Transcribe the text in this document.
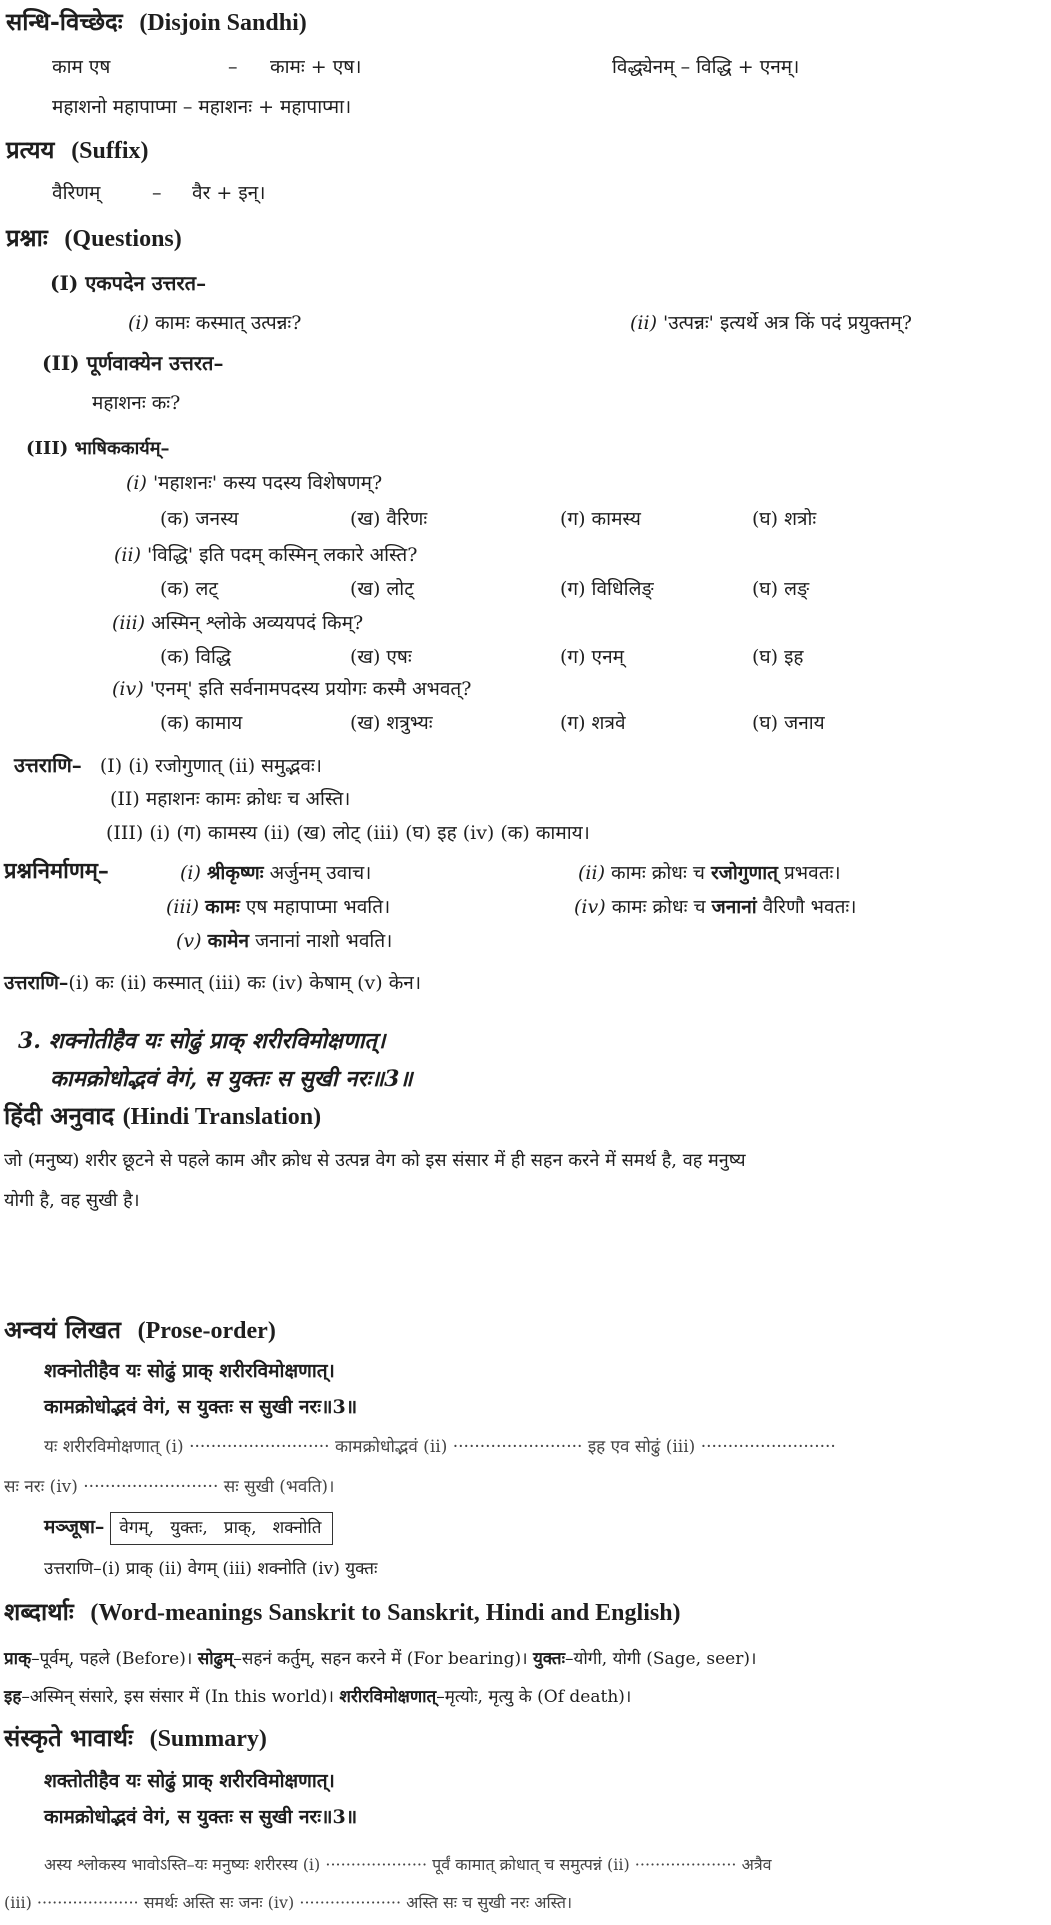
सन्धि-विच्छेदः (Disjoin Sandhi)
काम एष	– कामः + एष।	विद्ध्येनम् – विद्धि + एनम्।
महाशनो महापाप्मा – महाशनः + महापाप्मा।
प्रत्यय (Suffix)
वैरिणम्	– वैर + इन्।
प्रश्नाः (Questions)
(I) एकपदेन उत्तरत–
(i) कामः कस्मात् उत्पन्नः?	(ii) 'उत्पन्नः' इत्यर्थे अत्र किं पदं प्रयुक्तम्?
(II) पूर्णवाक्येन उत्तरत–
महाशनः कः?
(III) भाषिककार्यम्–
(i) 'महाशनः' कस्य पदस्य विशेषणम्?
(क) जनस्य	(ख) वैरिणः	(ग) कामस्य	(घ) शत्रोः
(ii) 'विद्धि' इति पदम् कस्मिन् लकारे अस्ति?
(क) लट्	(ख) लोट्	(ग) विधिलिङ्	(घ) लङ्
(iii) अस्मिन् श्लोके अव्ययपदं किम्?
(क) विद्धि	(ख) एषः	(ग) एनम्	(घ) इह
(iv) 'एनम्' इति सर्वनामपदस्य प्रयोगः कस्मै अभवत्?
(क) कामाय	(ख) शत्रुभ्यः	(ग) शत्रवे	(घ) जनाय
उत्तराणि– (I) (i) रजोगुणात् (ii) समुद्भवः।
(II) महाशनः कामः क्रोधः च अस्ति।
(III) (i) (ग) कामस्य (ii) (ख) लोट् (iii) (घ) इह (iv) (क) कामाय।
प्रश्ननिर्माणम्–	(i) श्रीकृष्णः अर्जुनम् उवाच।	(ii) कामः क्रोधः च रजोगुणात् प्रभवतः।
(iii) कामः एष महापाप्मा भवति।	(iv) कामः क्रोधः च जनानां वैरिणौ भवतः।
(v) कामेन जनानां नाशो भवति।
उत्तराणि–(i) कः (ii) कस्मात् (iii) कः (iv) केषाम् (v) केन।
3. शक्नोतीहैव यः सोढुं प्राक् शरीरविमोक्षणात्।
कामक्रोधोद्भवं वेगं, स युक्तः स सुखी नरः॥3॥
हिंदी अनुवाद (Hindi Translation)
जो (मनुष्य) शरीर छूटने से पहले काम और क्रोध से उत्पन्न वेग को इस संसार में ही सहन करने में समर्थ है, वह मनुष्य
योगी है, वह सुखी है।
अन्वयं लिखत (Prose-order)
शक्नोतीहैव यः सोढुं प्राक् शरीरविमोक्षणात्।
कामक्रोधोद्भवं वेगं, स युक्तः स सुखी नरः॥3॥
यः शरीरविमोक्षणात् (i) ·························· कामक्रोधोद्भवं (ii) ························ इह एव सोढुं (iii) ·························
सः नरः (iv) ························· सः सुखी (भवति)।
मञ्जूषा– वेगम्,   युक्तः,   प्राक्,   शक्नोति
उत्तराणि–(i) प्राक् (ii) वेगम् (iii) शक्नोति (iv) युक्तः
शब्दार्थाः (Word-meanings Sanskrit to Sanskrit, Hindi and English)
प्राक्–पूर्वम्, पहले (Before)। सोढुम्–सहनं कर्तुम्, सहन करने में (For bearing)। युक्तः–योगी, योगी (Sage, seer)।
इह–अस्मिन् संसारे, इस संसार में (In this world)। शरीरविमोक्षणात्–मृत्योः, मृत्यु के (Of death)।
संस्कृते भावार्थः (Summary)
शक्तोतीहैव यः सोढुं प्राक् शरीरविमोक्षणात्।
कामक्रोधोद्भवं वेगं, स युक्तः स सुखी नरः॥3॥
अस्य श्लोकस्य भावोऽस्ति–यः मनुष्यः शरीरस्य (i) ···················· पूर्वं कामात् क्रोधात् च समुत्पन्नं (ii) ···················· अत्रैव
(iii) ···················· समर्थः अस्ति सः जनः (iv) ···················· अस्ति सः च सुखी नरः अस्ति।
